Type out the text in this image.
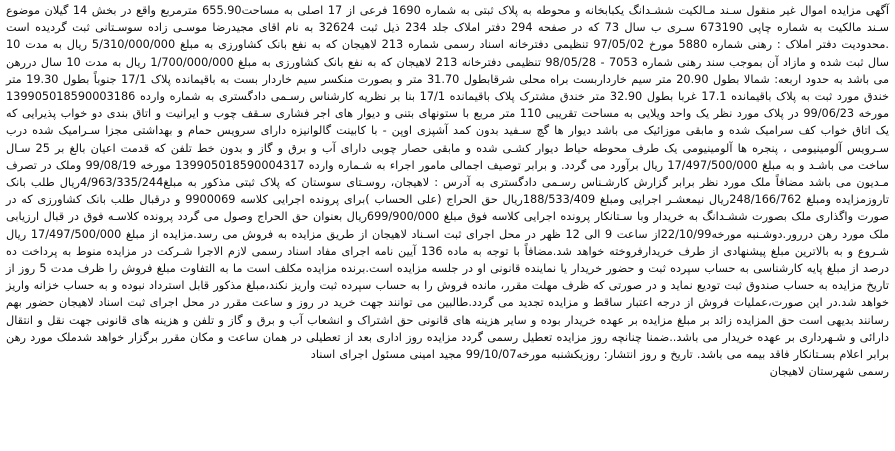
آگهی مزایده اموال غیر منقول سـند مـالکیت ششـدانگ یکبابخانه و محوطه به پلاک ثبتی به شماره 1690 فرعی از 17 اصلی به مساحت655.90 مترمربع واقع در بخش 14 گیلان موضوع سـند مالکیت به شماره چاپی 673190 سـری ب سال 73 که در صفحه 294 دفتر املاک جلد 234 ذیل ثبت 32624 به نام اقای مجیدرضا موسـی زاده سوسـتانی ثبت گردیده است .محدودیت دفتر املاک : رهنی شماره 5880 مورخ 97/05/02 تنظیمی دفترخانه اسناد رسمی شماره 213 لاهیجان که به نفع بانک کشاورزی به مبلغ 5/310/000/000 ریال به مدت 10 سال ثبت شده و مازاد آن بموجب سند رهنی شماره 7053 - 98/05/28 تنظیمی دفترخانه 213 لاهیجان که به نفع بانک کشاورزی به مبلغ 1/700/000/000 ریال به مدت 10 سال دررهن می باشد به حدود اربعه: شمالا بطول 20.90 متر سیم خارداربست براه محلی شرقابطول 31.70 متر و بصورت منکسر سیم خاردار بست به باقیمانده پلاک 17/1 جنوباً بطول 19.30 متر خندق مورد ثبت به پلاک باقیمانده 17.1 غربا بطول 32.90 متر خندق مشترک پلاک باقیمانده 17/1 بنا بر نظریه کارشناس رسـمی دادگستری به شماره وارده 139905018590003186 مورخه 99/06/23 در پلاک مورد نظر یک واحد ویلایی به مساحت تقریبی 110 متر مربع با ستونهای بتنی و دیوار های اجر فشاری سـقف چوب و ایرانیت و اتاق بندی دو خواب پذیرایی که یک اتاق خواب کف سرامیک شده و مابقی موزائیک می باشد دیوار ها گچ سـفید بدون کمد آشپزی اوپن - با کابینت گالوانیزه دارای سرویس حمام و بهداشتی مجزا سـرامیک شده درب سـرویس آلومینیومی ، پنجره ها آلومینیومی یک طرف محوطه حیاط دیوار کشـی شده و مابقی حصار چوبی دارای آب و برق و گاز و بدون خط تلفن که قدمت اعیان بالغ بر 25 سـال ساخت می باشـد و به مبلغ 17/497/500/000 ریال برآورد می گردد. و برابر توصیف اجمالی مامور اجراء به شـماره وارده 139905018590004317 مورخه 99/08/19 وملک در تصرف مـدیون می باشد مضافاً ملک مورد نظر برابر گزارش کارشـناس رسـمی دادگستری به آدرس : لاهیجان، روسـتای سوستان که پلاک ثبتی مذکور به مبلغ4/963/335/244ریال طلب بانک تاروزمزایده ومبلغ 248/166/762ریال نیمعشـر اجرایی ومبلغ 188/533/409ریال حق الحراج (علی الحساب )برای پرونده اجرایی کلاسه 9900069 و درقبال طلب بانک کشاورزی که در صورت واگذاری ملک بصورت ششـدانگ به خریدار وبا سـتانکار پرونده اجرایی کلاسه فوق مبلغ 699/900/000ریال بعنوان حق الحراج وصول می گردد پرونده کلاسـه فوق در قبال ارزیابی ملک مورد رهن دررور.دوشـنبه مورخه22/10/99از ساعت 9 الی 12 ظهر در محل اجرای ثبت اسـناد لاهیجان از طریق مزایده به فروش می رسد.مزایده از مبلغ 17/497/500/000 ریال شـروع و به بالاترین مبلغ پیشنهادی از طرف خریدارفروخته خواهد شد.مضافاً با توجه به ماده 136 آیین نامه اجرای مفاد اسناد رسمی لازم الاجرا شـرکت در مزایده منوط به پرداخت ده درصد از مبلغ پایه کارشناسی به حساب سپرده ثبت و حضور خریدار یا نماینده قانونی او در جلسه مزایده است.برنده مزایده مکلف است ما به التفاوت مبلغ فروش را ظرف مدت 5 روز از تاریخ مزایده به حساب صندوق ثبت تودیع نماید و در صورتی که ظرف مهلت مقرر، مانده فروش را به حساب سپرده ثبت واریز نکند،مبلغ مذکور قابل استرداد نبوده و به حساب خزانه واریز خواهد شد.در این صورت،عملیات فروش از درجه اعتبار ساقط و مزایده تجدید می گردد.طالبین می توانند جهت خرید در روز و ساعت مقرر در محل اجرای ثبت اسناد لاهیجان حضور بهم رسانند بدیهی است حق المزایده زائد بر مبلغ مزایده بر عهده خریدار بوده و سایر هزینه های قانونی حق اشتراک و انشعاب آب و برق و گاز و تلفن و هزینه های قانونی جهت نقل و انتقال دارائی و شـهرداری بر عهده خریدار می باشد..ضمنا چنانچه روز مزایده تعطیل رسمی گردد مزایده روز اداری بعد از تعطیلی در همان ساعت و مکان مقرر برگزار خواهد شدملک مورد رهن برابر اعلام بسـتانکار فاقد بیمه می باشد. تاریخ و روز انتشار: روزیکشنبه مورخه99/10/07 مجید امینی مسئول اجرای اسناد

رسمی شهرستان لاهیجان
